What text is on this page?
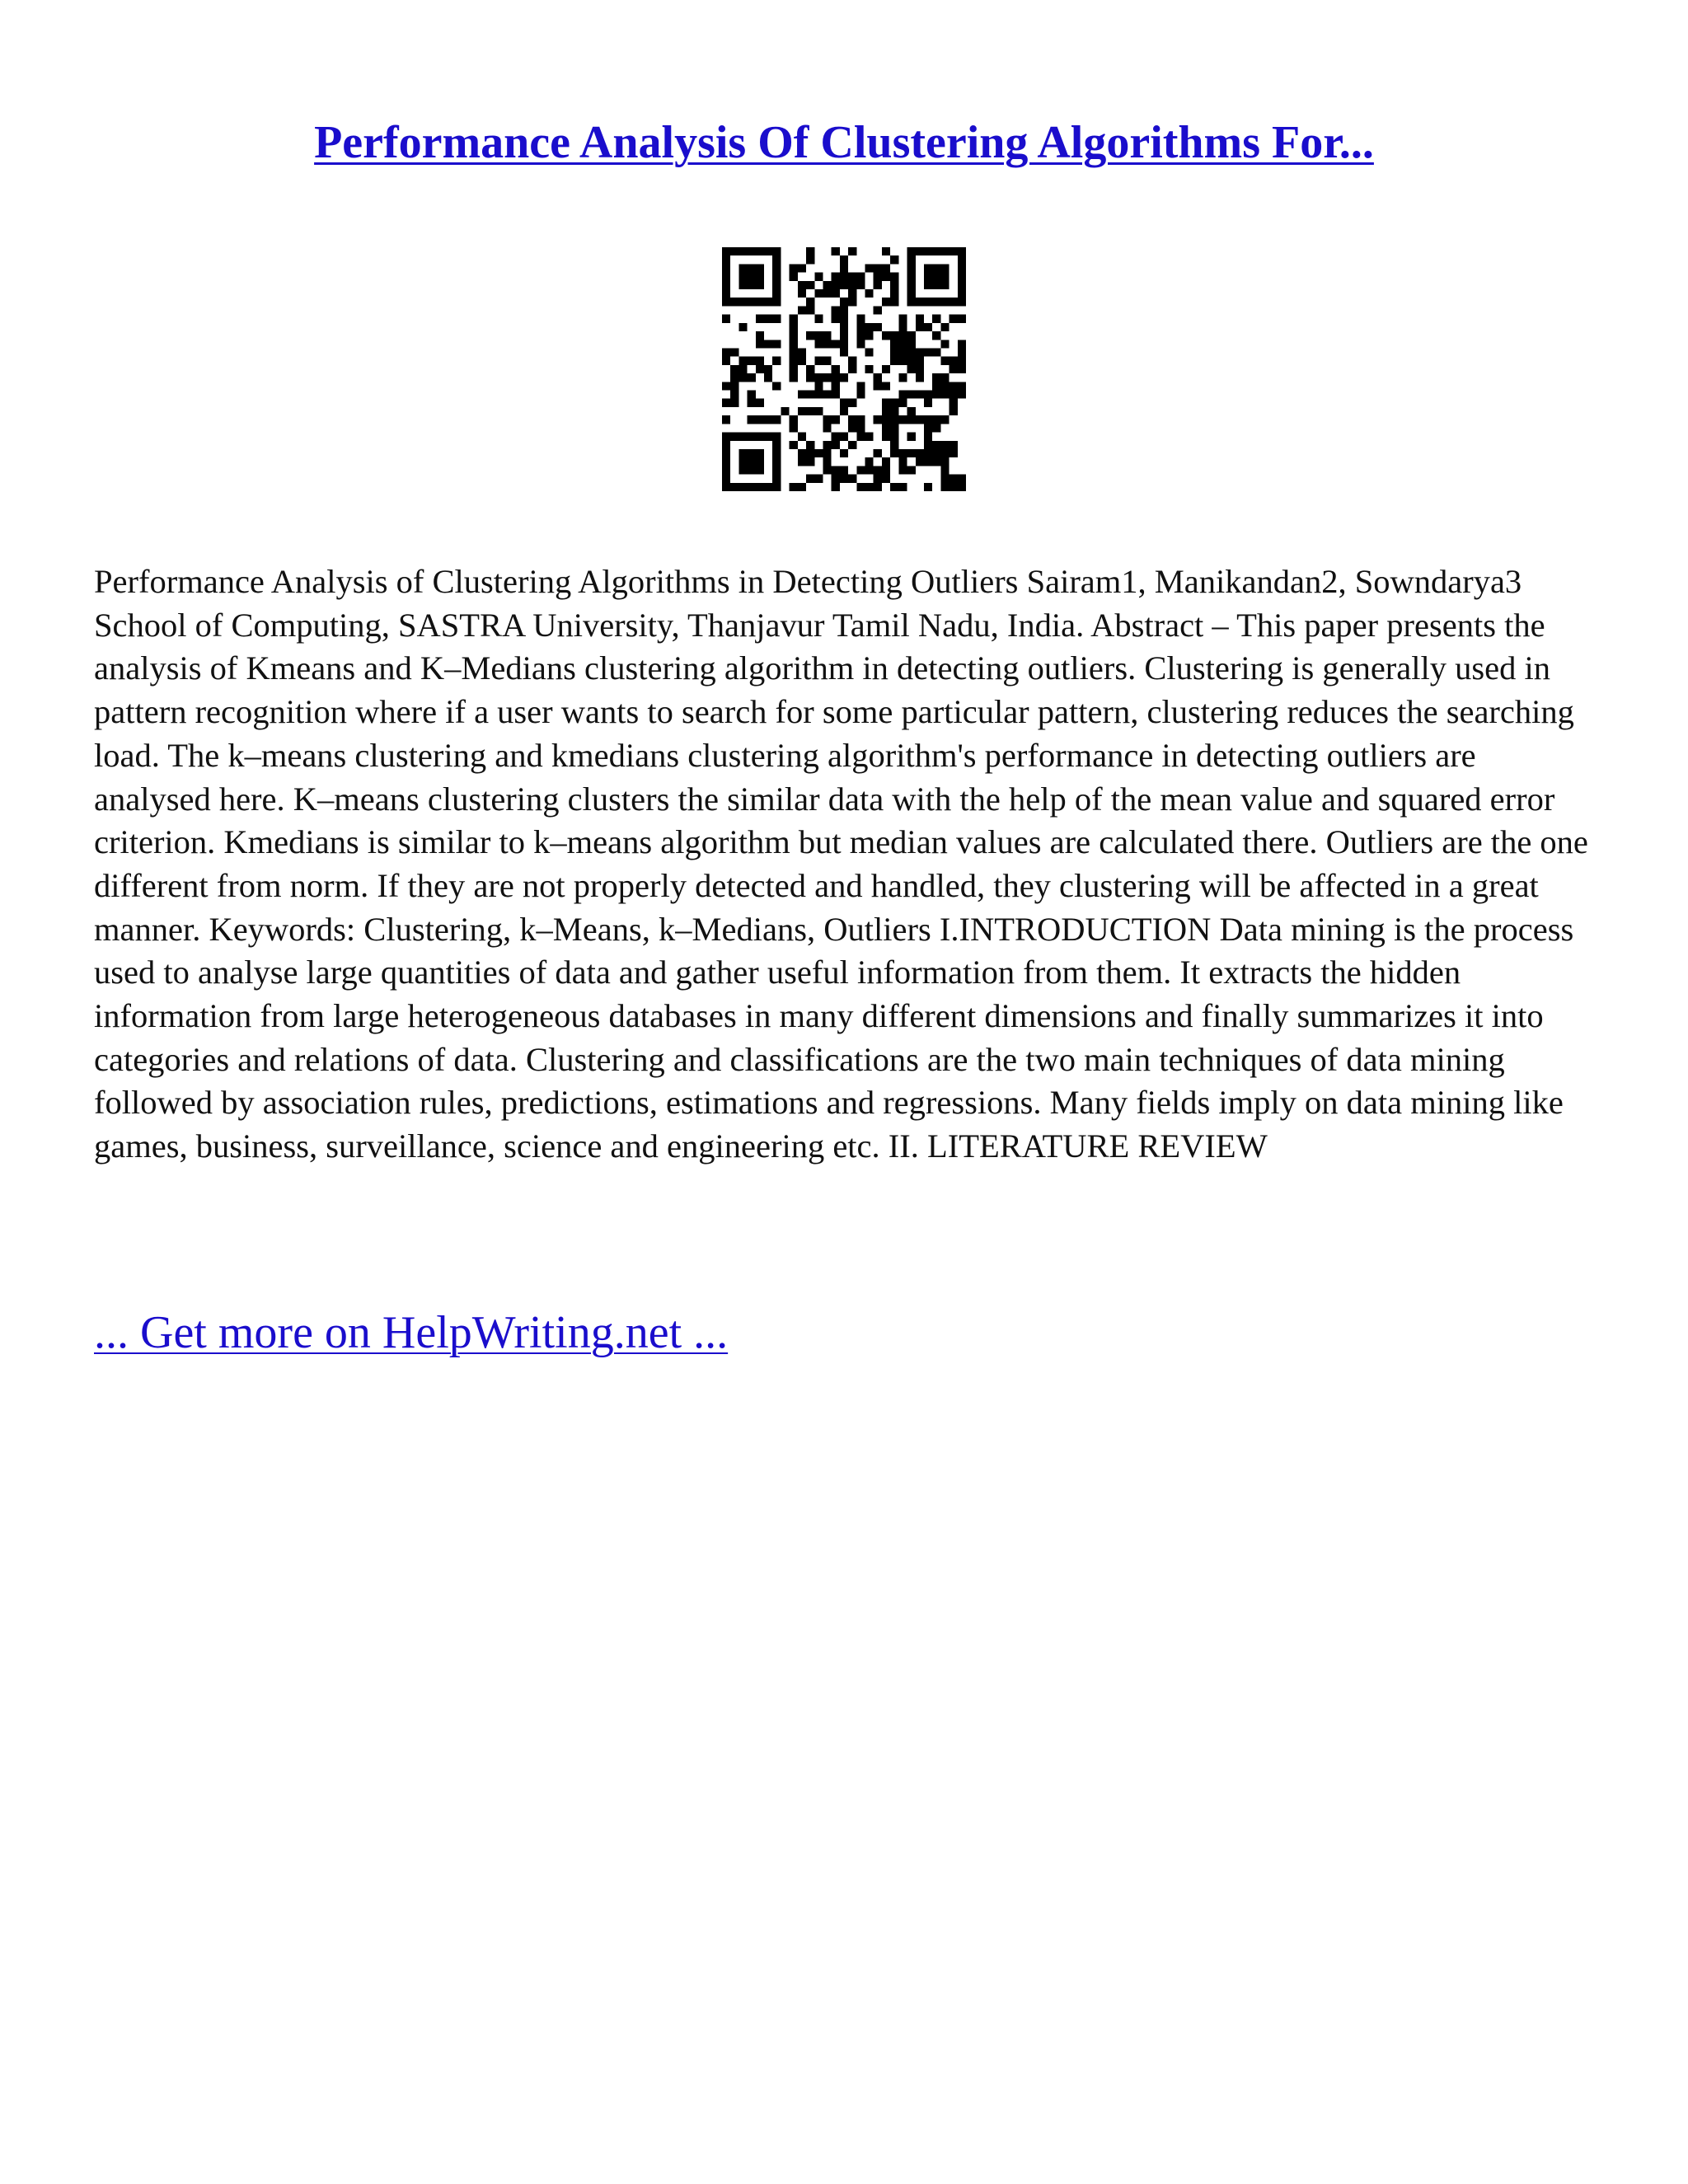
Performance Analysis Of Clustering Algorithms For...

Performance Analysis of Clustering Algorithms in Detecting Outliers Sairam1, Manikandan2, Sowndarya3 School of Computing, SASTRA University, Thanjavur Tamil Nadu, India. Abstract – This paper presents the analysis of Kmeans and K–Medians clustering algorithm in detecting outliers. Clustering is generally used in pattern recognition where if a user wants to search for some particular pattern, clustering reduces the searching load. The k–means clustering and kmedians clustering algorithm's performance in detecting outliers are analysed here. K–means clustering clusters the similar data with the help of the mean value and squared error criterion. Kmedians is similar to k–means algorithm but median values are calculated there. Outliers are the one different from norm. If they are not properly detected and handled, they clustering will be affected in a great manner. Keywords: Clustering, k–Means, k–Medians, Outliers I.INTRODUCTION Data mining is the process used to analyse large quantities of data and gather useful information from them. It extracts the hidden information from large heterogeneous databases in many different dimensions and finally summarizes it into categories and relations of data. Clustering and classifications are the two main techniques of data mining followed by association rules, predictions, estimations and regressions. Many fields imply on data mining like games, business, surveillance, science and engineering etc. II. LITERATURE REVIEW

... Get more on HelpWriting.net ...
